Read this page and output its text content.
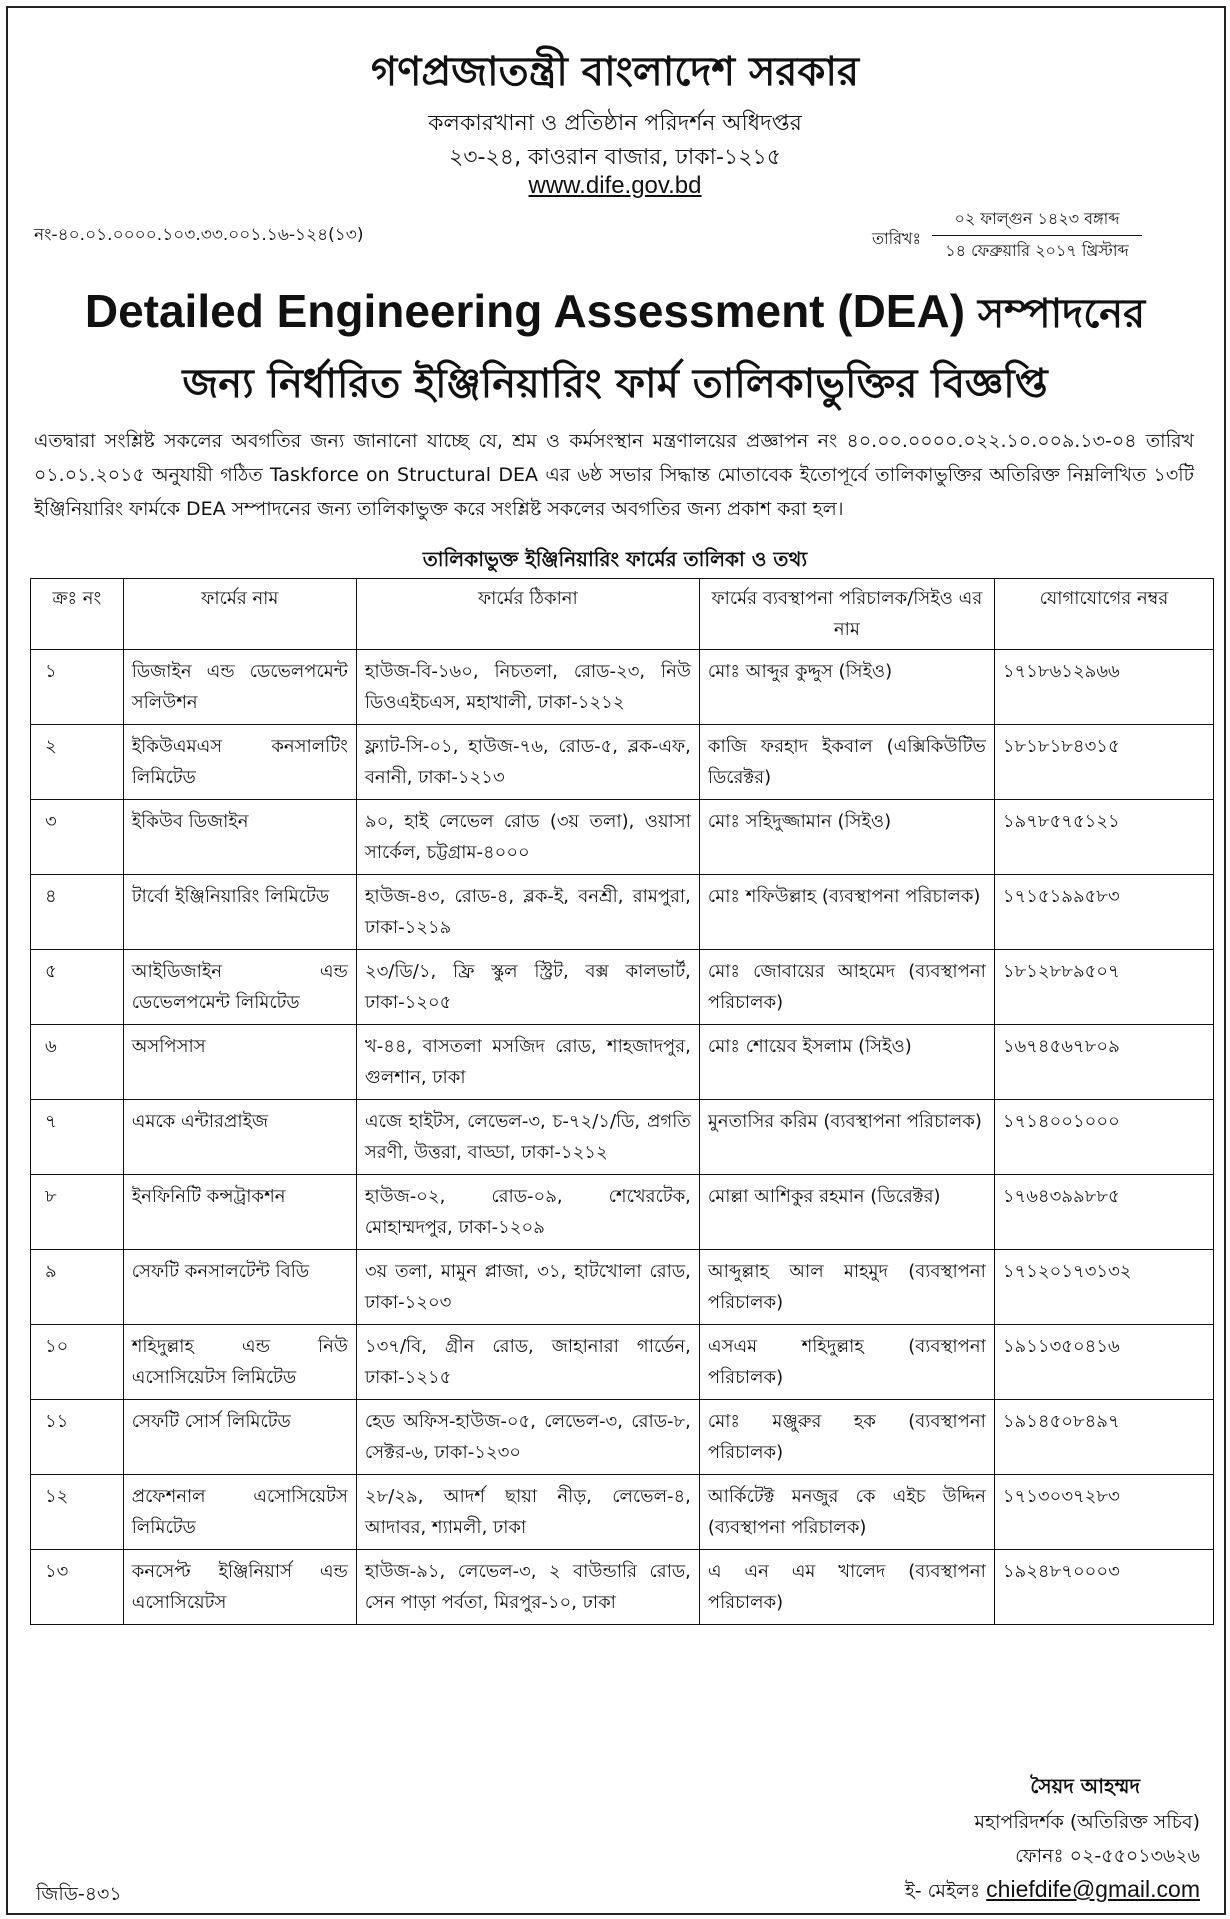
গণপ্রজাতন্ত্রী বাংলাদেশ সরকার
কলকারখানা ও প্রতিষ্ঠান পরিদর্শন অধিদপ্তর
২৩-২৪, কাওরান বাজার, ঢাকা-১২১৫
www.dife.gov.bd
নং-৪০.০১.০০০০.১০৩.৩৩.০০১.১৬-১২৪(১৩)	তারিখঃ
০২ ফাল্গুন ১৪২৩ বঙ্গাব্দ
১৪ ফেব্রুয়ারি ২০১৭ খ্রিস্টাব্দ
Detailed Engineering Assessment (DEA) সম্পাদনের
জন্য নির্ধারিত ইঞ্জিনিয়ারিং ফার্ম তালিকাভুক্তির বিজ্ঞপ্তি
এতদ্বারা সংশ্লিষ্ট সকলের অবগতির জন্য জানানো যাচ্ছে যে, শ্রম ও কর্মসংস্থান মন্ত্রণালয়ের প্রজ্ঞাপন নং ৪০.০০.০০০০.০২২.১০.০০৯.১৩-০৪ তারিখ ০১.০১.২০১৫ অনুযায়ী গঠিত Taskforce on Structural DEA এর ৬ষ্ঠ সভার সিদ্ধান্ত মোতাবেক ইতোপূর্বে তালিকাভুক্তির অতিরিক্ত নিম্নলিখিত ১৩টি ইঞ্জিনিয়ারিং ফার্মকে DEA সম্পাদনের জন্য তালিকাভুক্ত করে সংশ্লিষ্ট সকলের অবগতির জন্য প্রকাশ করা হল।
তালিকাভুক্ত ইঞ্জিনিয়ারিং ফার্মের তালিকা ও তথ্য
ক্রঃ নং	ফার্মের নাম	ফার্মের ঠিকানা	ফার্মের ব্যবস্থাপনা পরিচালক/সিইও এর নাম	যোগাযোগের নম্বর
১	ডিজাইন এন্ড ডেভেলপমেন্ট সলিউশন	হাউজ-বি-১৬০, নিচতলা, রোড-২৩, নিউ ডিওএইচএস, মহাখালী, ঢাকা-১২১২	মোঃ আব্দুর কুদ্দুস (সিইও)	১৭১৮৬১২৯৬৬
২	ইকিউএমএস কনসালটিং লিমিটেড	ফ্ল্যাট-সি-০১, হাউজ-৭৬, রোড-৫, ব্লক-এফ, বনানী, ঢাকা-১২১৩	কাজি ফরহাদ ইকবাল (এক্সিকিউটিভ ডিরেক্টর)	১৮১৮১৮৪৩১৫
৩	ইকিউব ডিজাইন	৯০, হাই লেভেল রোড (৩য় তলা), ওয়াসা সার্কেল, চট্টগ্রাম-৪০০০	মোঃ সহিদুজ্জামান (সিইও)	১৯৭৮৫৭৫১২১
৪	টার্বো ইঞ্জিনিয়ারিং লিমিটেড	হাউজ-৪৩, রোড-৪, ব্লক-ই, বনশ্রী, রামপুরা, ঢাকা-১২১৯	মোঃ শফিউল্লাহ (ব্যবস্থাপনা পরিচালক)	১৭১৫১৯৯৫৮৩
৫	আইডিজাইন এন্ড ডেভেলপমেন্ট লিমিটেড	২৩/ডি/১, ফ্রি স্কুল স্ট্রিট, বক্স কালভার্ট, ঢাকা-১২০৫	মোঃ জোবায়ের আহমেদ (ব্যবস্থাপনা পরিচালক)	১৮১২৮৮৯৫০৭
৬	অসপিসাস	খ-৪৪, বাসতলা মসজিদ রোড, শাহজাদপুর, গুলশান, ঢাকা	মোঃ শোয়েব ইসলাম (সিইও)	১৬৭৪৫৬৭৮০৯
৭	এমকে এন্টারপ্রাইজ	এজে হাইটস, লেভেল-৩, চ-৭২/১/ডি, প্রগতি সরণী, উত্তরা, বাড্ডা, ঢাকা-১২১২	মুনতাসির করিম (ব্যবস্থাপনা পরিচালক)	১৭১৪০০১০০০
৮	ইনফিনিটি কন্সট্রাকশন	হাউজ-০২, রোড-০৯, শেখেরটেক, মোহাম্মদপুর, ঢাকা-১২০৯	মোল্লা আশিকুর রহমান (ডিরেক্টর)	১৭৬৪৩৯৯৮৮৫
৯	সেফটি কনসালটেন্ট বিডি	৩য় তলা, মামুন প্লাজা, ৩১, হাটখোলা রোড, ঢাকা-১২০৩	আব্দুল্লাহ আল মাহমুদ (ব্যবস্থাপনা পরিচালক)	১৭১২০১৭৩১৩২
১০	শহিদুল্লাহ এন্ড নিউ এসোসিয়েটস লিমিটেড	১৩৭/বি, গ্রীন রোড, জাহানারা গার্ডেন, ঢাকা-১২১৫	এসএম শহিদুল্লাহ (ব্যবস্থাপনা পরিচালক)	১৯১১৩৫০৪১৬
১১	সেফটি সোর্স লিমিটেড	হেড অফিস-হাউজ-০৫, লেভেল-৩, রোড-৮, সেক্টর-৬, ঢাকা-১২৩০	মোঃ মঞ্জুরুর হক (ব্যবস্থাপনা পরিচালক)	১৯১৪৫০৮৪৯৭
১২	প্রফেশনাল এসোসিয়েটস লিমিটেড	২৮/২৯, আদর্শ ছায়া নীড়, লেভেল-৪, আদাবর, শ্যামলী, ঢাকা	আর্কিটেক্ট মনজুর কে এইচ উদ্দিন (ব্যবস্থাপনা পরিচালক)	১৭১৩০৩৭২৮৩
১৩	কনসেপ্ট ইঞ্জিনিয়ার্স এন্ড এসোসিয়েটস	হাউজ-৯১, লেভেল-৩, ২ বাউন্ডারি রোড, সেন পাড়া পর্বতা, মিরপুর-১০, ঢাকা	এ এন এম খালেদ (ব্যবস্থাপনা পরিচালক)	১৯২৪৮৭০০০৩
সৈয়দ আহম্মদ
মহাপরিদর্শক (অতিরিক্ত সচিব)
ফোনঃ ০২-৫৫০১৩৬২৬
ই- মেইলঃ chiefdife@gmail.com
জিডি-৪৩১
